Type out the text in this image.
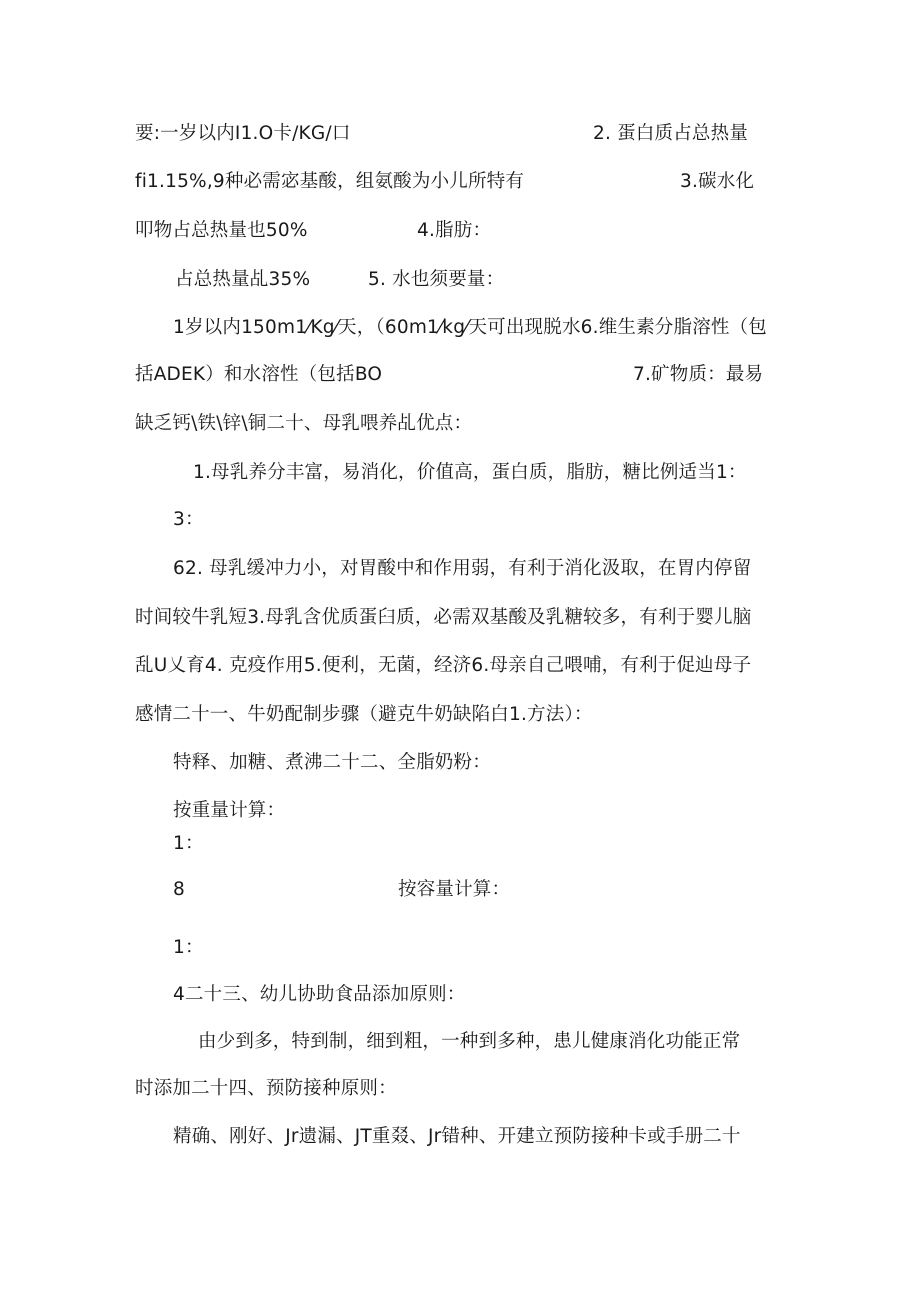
要:一岁以内I1.O卡/KG/口	2. 蛋白质占总热量
fi1.15%,9种必需宓基酸，组氨酸为小儿所特有	3.碳水化
叩物占总热量也50%	4.脂肪：
占总热量乩35%	5. 水也须要量：
1岁以内150m1⁄Kg⁄天，（60m1⁄kg⁄天可出现脱水6.维生素分脂溶性（包
括ADEK）和水溶性（包括BO	7.矿物质：最易
缺乏钙\铁\锌\铜二十、母乳喂养乩优点：
1.母乳养分丰富，易消化，价值高，蛋白质，脂肪，糖比例适当1：
3：
62. 母乳缓冲力小，对胃酸中和作用弱，有利于消化汲取，在胃内停留
时间较牛乳短3.母乳含优质蛋臼质，必需双基酸及乳糖较多，有利于婴儿脑
乱U乂育4. 克疫作用5.便利，无菌，经济6.母亲自己喂哺，有利于促辿母子
感情二十一、牛奶配制步骤（避克牛奶缺陷白1.方法）：
特释、加糖、煮沸二十二、全脂奶粉：
按重量计算：
1：
8	按容量计算：
1：
4二十三、幼儿协助食品添加原则：
由少到多，特到制，细到粗，一种到多种，患儿健康消化功能正常
时添加二十四、预防接种原则：
精确、刚好、Jr遗漏、JT重叕、Jr错种、开建立预防接种卡或手册二十
